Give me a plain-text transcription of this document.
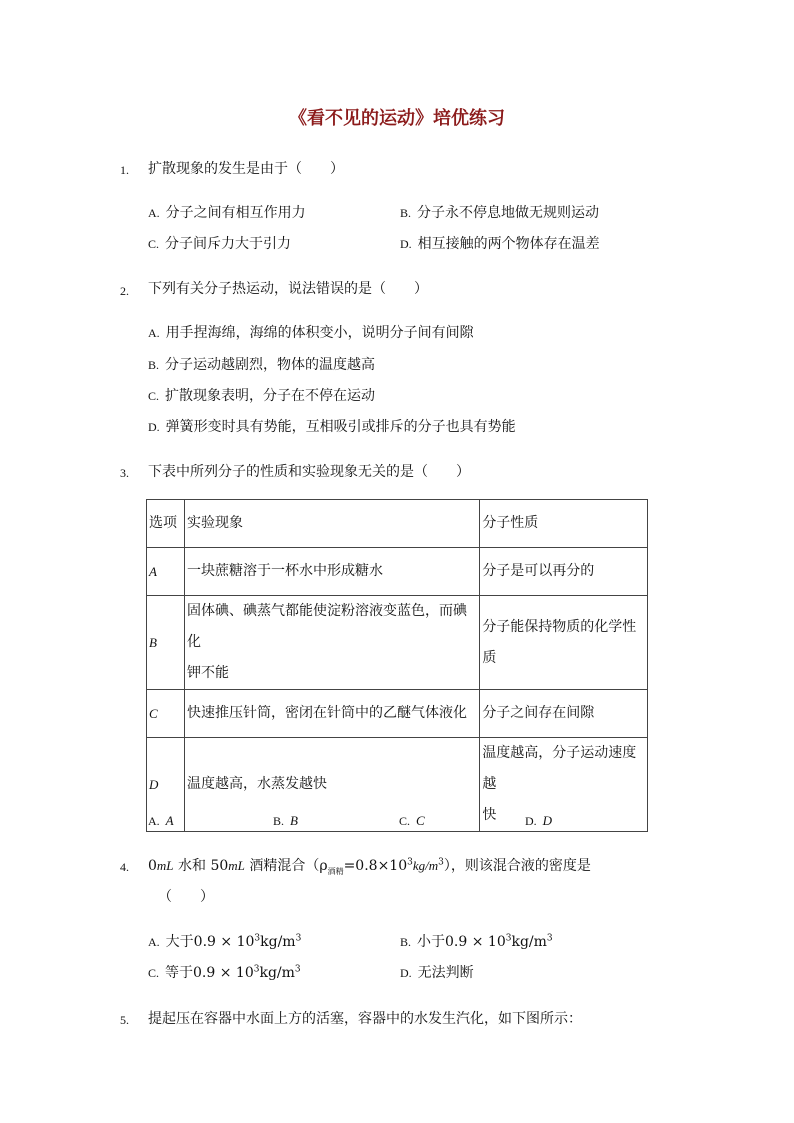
《看不见的运动》培优练习
1. 扩散现象的发生是由于（　　）
A. 分子之间有相互作用力	B. 分子永不停息地做无规则运动
C. 分子间斥力大于引力	D. 相互接触的两个物体存在温差
2. 下列有关分子热运动，说法错误的是（　　）
A. 用手捏海绵，海绵的体积变小，说明分子间有间隙
B. 分子运动越剧烈，物体的温度越高
C. 扩散现象表明，分子在不停在运动
D. 弹簧形变时具有势能，互相吸引或排斥的分子也具有势能
3. 下表中所列分子的性质和实验现象无关的是（　　）
选项	实验现象	分子性质
A	一块蔗糖溶于一杯水中形成糖水	分子是可以再分的
B	固体碘、碘蒸气都能使淀粉溶液变蓝色，而碘化
钾不能	分子能保持物质的化学性
质
C	快速推压针筒，密闭在针筒中的乙醚气体液化	分子之间存在间隙
D	温度越高，水蒸发越快	温度越高，分子运动速度越
快
A. A	B. B	C. C	D. D
4. 0mL 水和 50mL 酒精混合$(\rho_{酒精}=0.8\times 10^3kg/m^3)$，则该混合液的密度是
（　　）
A. 大于$0.9 \times 10^3kg/m^3$	B. 小于$0.9 \times 10^3kg/m^3$
C. 等于$0.9 \times 10^3kg/m^3$	D. 无法判断
5. 提起压在容器中水面上方的活塞，容器中的水发生汽化，如下图所示：
